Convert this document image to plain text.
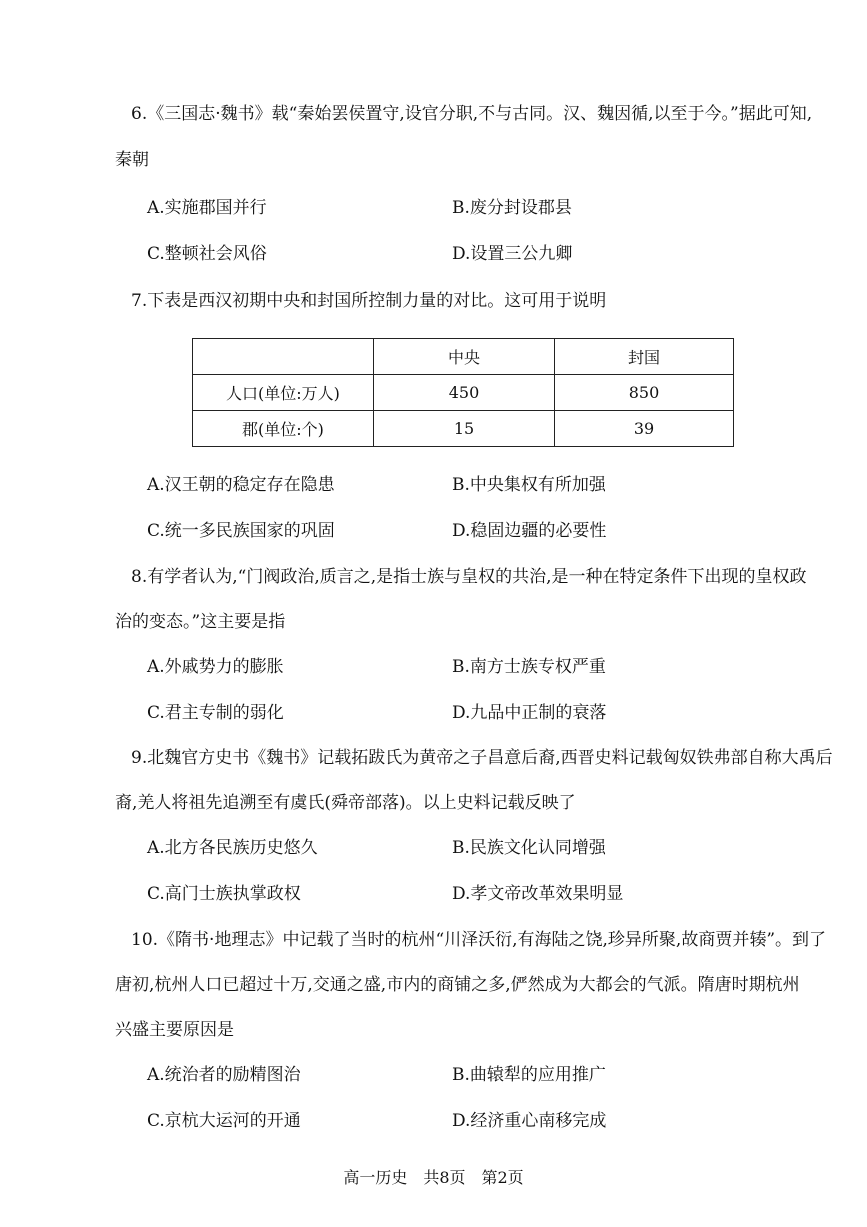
6.《三国志·魏书》载“秦始罢侯置守,设官分职,不与古同。汉、魏因循,以至于今。”据此可知,
秦朝
A.实施郡国并行	B.废分封设郡县
C.整顿社会风俗	D.设置三公九卿
7.下表是西汉初期中央和封国所控制力量的对比。这可用于说明
	中央	封国
人口(单位:万人)	450	850
郡(单位:个)	15	39
A.汉王朝的稳定存在隐患	B.中央集权有所加强
C.统一多民族国家的巩固	D.稳固边疆的必要性
8.有学者认为,“门阀政治,质言之,是指士族与皇权的共治,是一种在特定条件下出现的皇权政
治的变态。”这主要是指
A.外戚势力的膨胀	B.南方士族专权严重
C.君主专制的弱化	D.九品中正制的衰落
9.北魏官方史书《魏书》记载拓跋氏为黄帝之子昌意后裔,西晋史料记载匈奴铁弗部自称大禹后
裔,羌人将祖先追溯至有虞氏(舜帝部落)。以上史料记载反映了
A.北方各民族历史悠久	B.民族文化认同增强
C.高门士族执掌政权	D.孝文帝改革效果明显
10.《隋书·地理志》中记载了当时的杭州“川泽沃衍,有海陆之饶,珍异所聚,故商贾并辏”。到了
唐初,杭州人口已超过十万,交通之盛,市内的商铺之多,俨然成为大都会的气派。隋唐时期杭州
兴盛主要原因是
A.统治者的励精图治	B.曲辕犁的应用推广
C.京杭大运河的开通	D.经济重心南移完成
高一历史　共8页　第2页
